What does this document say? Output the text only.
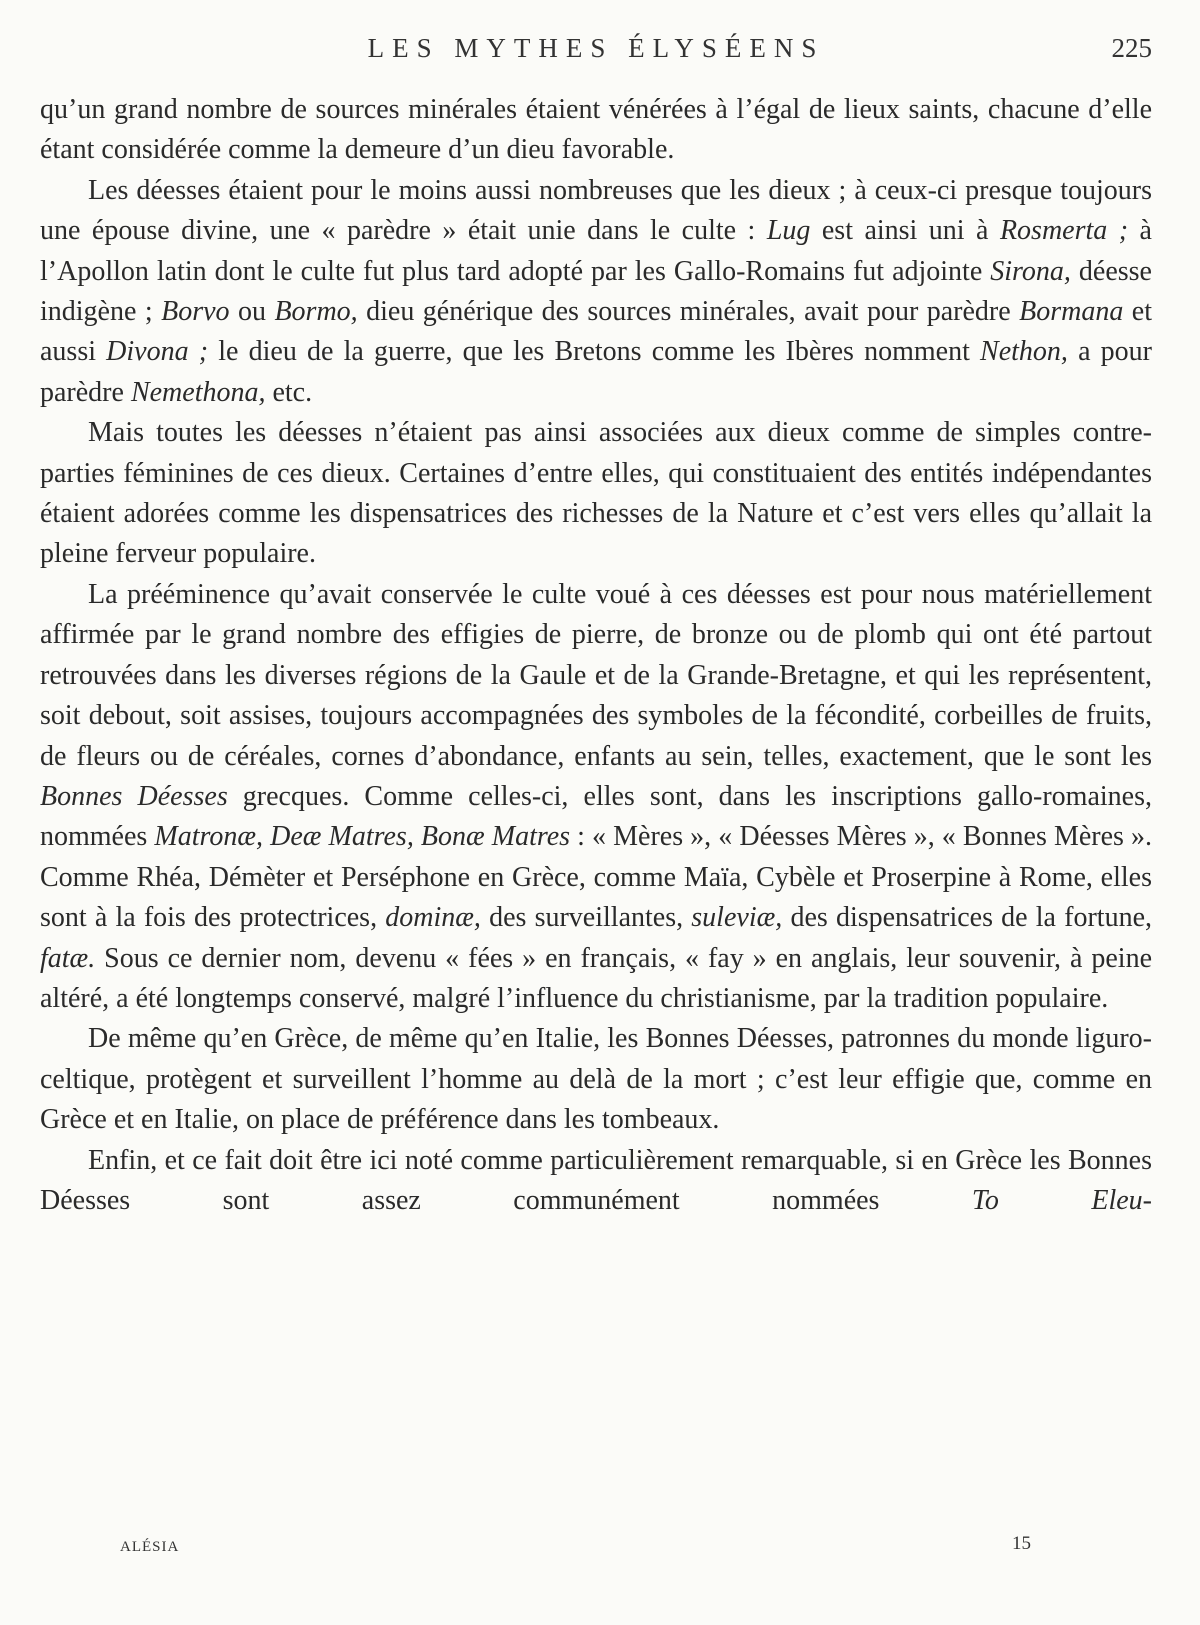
LES MYTHES ÉLYSÉENS	225

qu’un grand nombre de sources minérales étaient vénérées à l’égal de lieux saints, chacune d’elle étant considérée comme la demeure d’un dieu favorable.

Les déesses étaient pour le moins aussi nombreuses que les dieux ; à ceux-ci presque toujours une épouse divine, une « parèdre » était unie dans le culte : Lug est ainsi uni à Rosmerta ; à l’Apollon latin dont le culte fut plus tard adopté par les Gallo-Romains fut adjointe Sirona, déesse indigène ; Borvo ou Bormo, dieu générique des sources minérales, avait pour parèdre Bormana et aussi Divona ; le dieu de la guerre, que les Bretons comme les Ibères nomment Nethon, a pour parèdre Nemethona, etc.

Mais toutes les déesses n’étaient pas ainsi associées aux dieux comme de simples contre-parties féminines de ces dieux. Certaines d’entre elles, qui constituaient des entités indépendantes étaient adorées comme les dispensatrices des richesses de la Nature et c’est vers elles qu’allait la pleine ferveur populaire.

La prééminence qu’avait conservée le culte voué à ces déesses est pour nous matériellement affirmée par le grand nombre des effigies de pierre, de bronze ou de plomb qui ont été partout retrouvées dans les diverses régions de la Gaule et de la Grande-Bretagne, et qui les représentent, soit debout, soit assises, toujours accompagnées des symboles de la fécondité, corbeilles de fruits, de fleurs ou de céréales, cornes d’abondance, enfants au sein, telles, exactement, que le sont les Bonnes Déesses grecques. Comme celles-ci, elles sont, dans les inscriptions gallo-romaines, nommées Matronæ, Deæ Matres, Bonæ Matres : « Mères », « Déesses Mères », « Bonnes Mères ». Comme Rhéa, Démèter et Perséphone en Grèce, comme Maïa, Cybèle et Proserpine à Rome, elles sont à la fois des protectrices, dominæ, des surveillantes, suleviæ, des dispensatrices de la fortune, fatæ. Sous ce dernier nom, devenu « fées » en français, « fay » en anglais, leur souvenir, à peine altéré, a été longtemps conservé, malgré l’influence du christianisme, par la tradition populaire.

De même qu’en Grèce, de même qu’en Italie, les Bonnes Déesses, patronnes du monde liguro-celtique, protègent et surveillent l’homme au delà de la mort ; c’est leur effigie que, comme en Grèce et en Italie, on place de préférence dans les tombeaux.

Enfin, et ce fait doit être ici noté comme particulièrement remarquable, si en Grèce les Bonnes Déesses sont assez communément nommées To Eleu-

ALÉSIA	15
